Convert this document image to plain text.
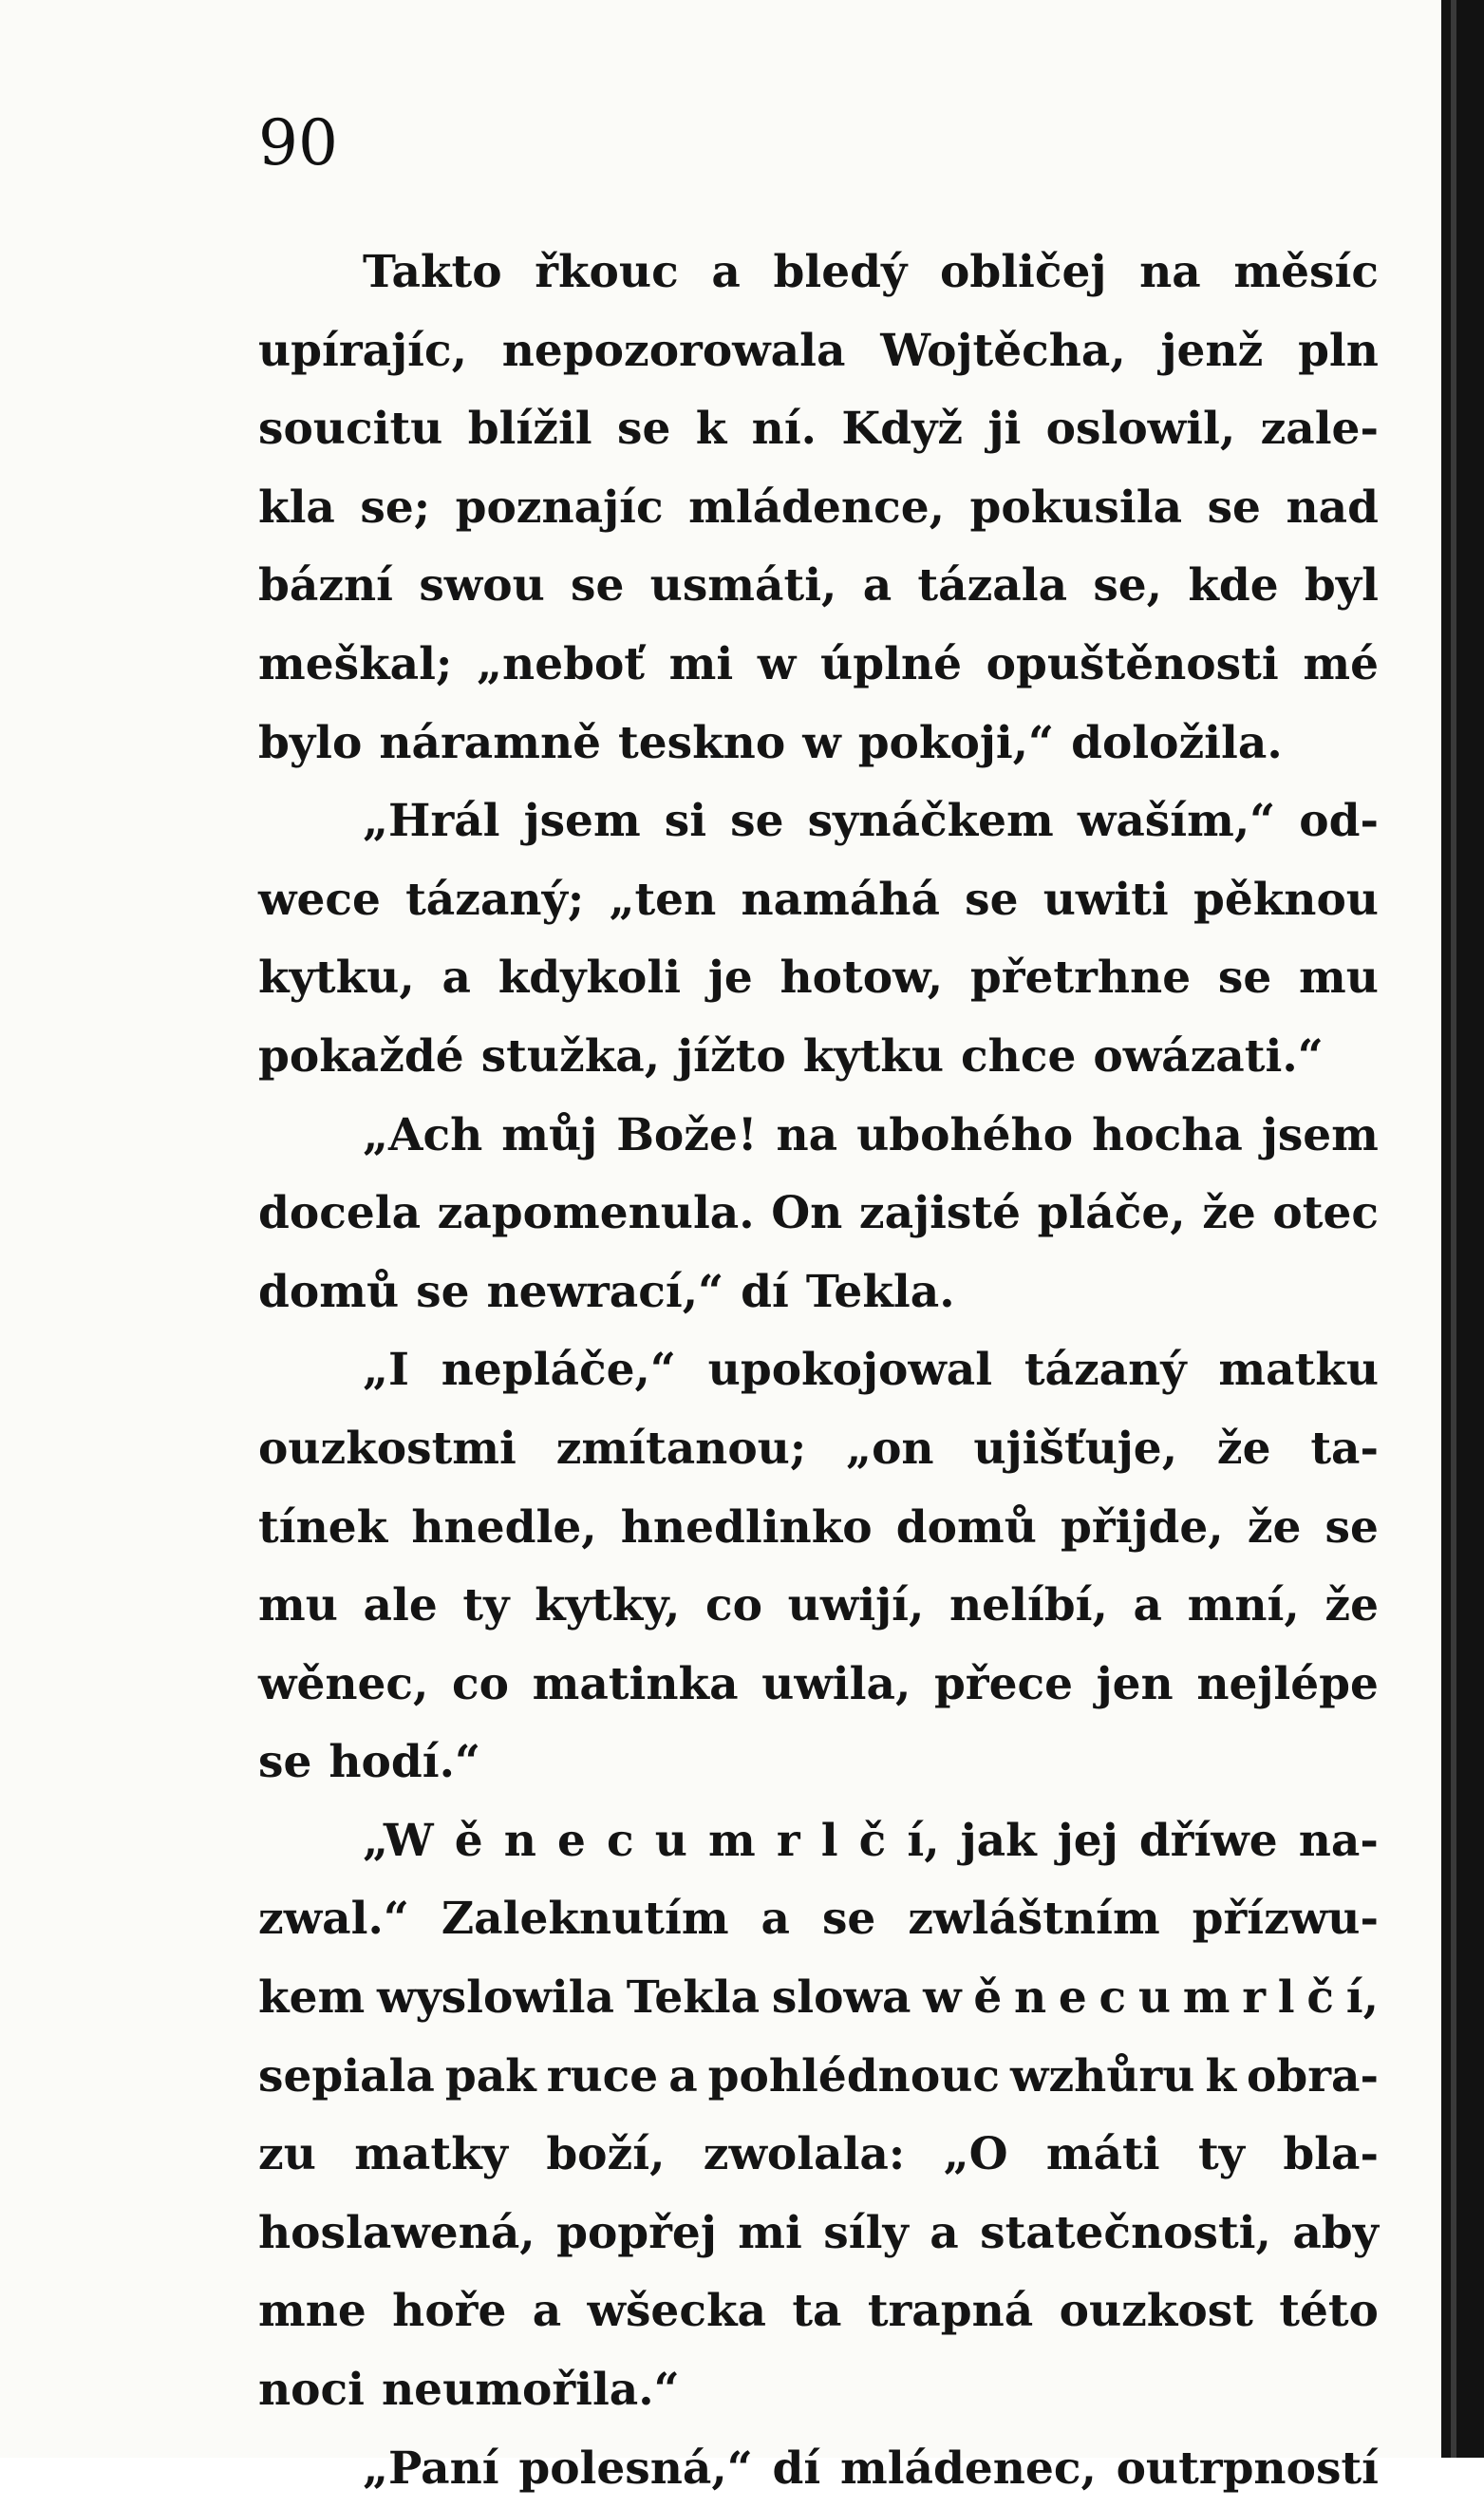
90
Takto řkouc a bledý obličej na měsíc
upírajíc, nepozorowala Wojtěcha, jenž pln
soucitu blížil se k ní. Když ji oslowil, zale-
kla se; poznajíc mládence, pokusila se nad
bázní swou se usmáti, a tázala se, kde byl
meškal; „neboť mi w úplné opuštěnosti mé
bylo náramně teskno w pokoji,“ doložila.
„Hrál jsem si se synáčkem waším,“ od-
wece tázaný; „ten namáhá se uwiti pěknou
kytku, a kdykoli je hotow, přetrhne se mu
pokaždé stužka, jížto kytku chce owázati.“
„Ach můj Bože! na ubohého hocha jsem
docela zapomenula. On zajisté pláče, že otec
domů se newrací,“ dí Tekla.
„I nepláče,“ upokojowal tázaný matku
ouzkostmi zmítanou; „on ujišťuje, že ta-
tínek hnedle, hnedlinko domů přijde, že se
mu ale ty kytky, co uwijí, nelíbí, a mní, že
wěnec, co matinka uwila, přece jen nejlépe
se hodí.“
„W ě n e c u m r l č í, jak jej dříwe na-
zwal.“ Zaleknutím a se zwláštním přízwu-
kem wyslowila Tekla slowa w ě n e c u m r l č í,
sepiala pak ruce a pohlédnouc wzhůru k obra-
zu matky boží, zwolala: „O máti ty bla-
hoslawená, popřej mi síly a statečnosti, aby
mne hoře a wšecka ta trapná ouzkost této
noci neumořila.“
„Paní polesná,“ dí mládenec, outrpností
